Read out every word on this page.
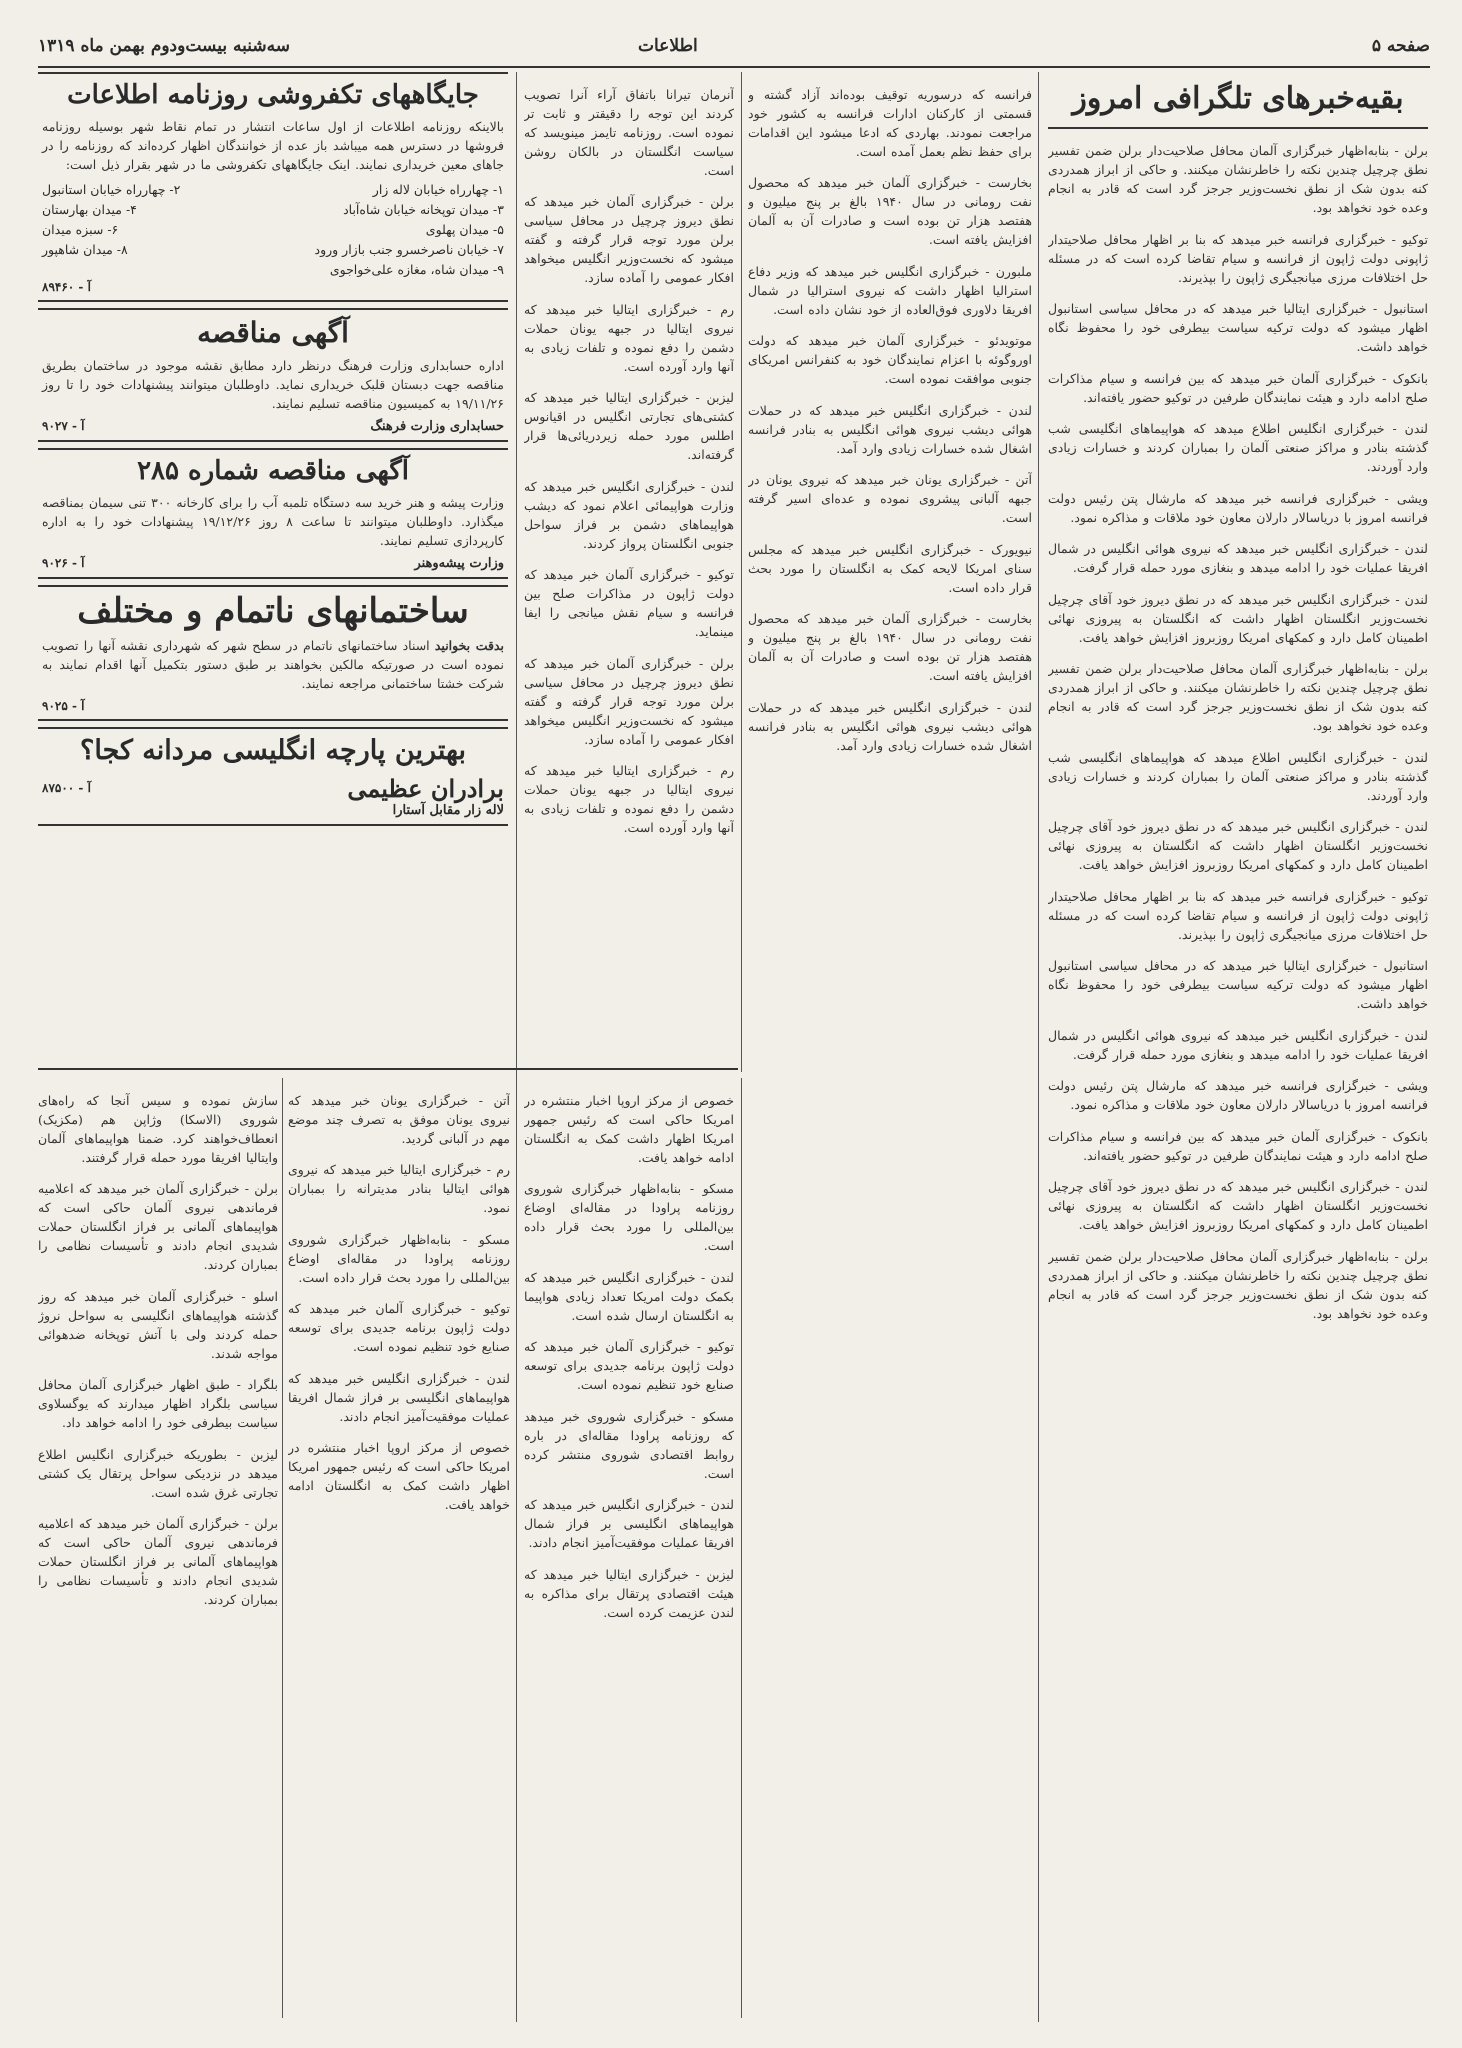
سه‌شنبه بیست‌ودوم بهمن ماه ۱۳۱۹	اطلاعات	صفحه ۵
بقیه‌خبرهای تلگرافی امروز

برلن - بنابه‌اظهار خبرگزاری آلمان محافل صلاحیت‌دار برلن ضمن تفسیر نطق چرچیل چندین نکته را خاطرنشان میکنند. و حاکی از ابراز همدردی کنه بدون شک از نطق نخست‌وزیر جرجز گرد است که قادر به انجام وعده خود نخواهد بود.

توکیو - خبرگزاری فرانسه خبر میدهد که بنا بر اظهار محافل صلاحیتدار ژاپونی دولت ژاپون از فرانسه و سیام تقاضا کرده است که در مسئله حل اختلافات مرزی میانجیگری ژاپون را بپذیرند.

استانبول - خبرگزاری ایتالیا خبر میدهد که در محافل سیاسی استانبول اظهار میشود که دولت ترکیه سیاست بیطرفی خود را محفوظ نگاه خواهد داشت.

بانکوک - خبرگزاری آلمان خبر میدهد که بین فرانسه و سیام مذاکرات صلح ادامه دارد و هیئت نمایندگان طرفین در توکیو حضور یافته‌اند.

لندن - خبرگزاری انگلیس اطلاع میدهد که هواپیماهای انگلیسی شب گذشته بنادر و مراکز صنعتی آلمان را بمباران کردند و خسارات زیادی وارد آوردند.

ویشی - خبرگزاری فرانسه خبر میدهد که مارشال پتن رئیس دولت فرانسه امروز با دریاسالار دارلان معاون خود ملاقات و مذاکره نمود.

لندن - خبرگزاری انگلیس خبر میدهد که نیروی هوائی انگلیس در شمال افریقا عملیات خود را ادامه میدهد و بنغازی مورد حمله قرار گرفت.

لندن - خبرگزاری انگلیس خبر میدهد که در نطق دیروز خود آقای چرچیل نخست‌وزیر انگلستان اظهار داشت که انگلستان به پیروزی نهائی اطمینان کامل دارد و کمکهای امریکا روزبروز افزایش خواهد یافت.

برلن - بنابه‌اظهار خبرگزاری آلمان محافل صلاحیت‌دار برلن ضمن تفسیر نطق چرچیل چندین نکته را خاطرنشان میکنند. و حاکی از ابراز همدردی کنه بدون شک از نطق نخست‌وزیر جرجز گرد است که قادر به انجام وعده خود نخواهد بود.

لندن - خبرگزاری انگلیس اطلاع میدهد که هواپیماهای انگلیسی شب گذشته بنادر و مراکز صنعتی آلمان را بمباران کردند و خسارات زیادی وارد آوردند.

لندن - خبرگزاری انگلیس خبر میدهد که در نطق دیروز خود آقای چرچیل نخست‌وزیر انگلستان اظهار داشت که انگلستان به پیروزی نهائی اطمینان کامل دارد و کمکهای امریکا روزبروز افزایش خواهد یافت.

توکیو - خبرگزاری فرانسه خبر میدهد که بنا بر اظهار محافل صلاحیتدار ژاپونی دولت ژاپون از فرانسه و سیام تقاضا کرده است که در مسئله حل اختلافات مرزی میانجیگری ژاپون را بپذیرند.

استانبول - خبرگزاری ایتالیا خبر میدهد که در محافل سیاسی استانبول اظهار میشود که دولت ترکیه سیاست بیطرفی خود را محفوظ نگاه خواهد داشت.

لندن - خبرگزاری انگلیس خبر میدهد که نیروی هوائی انگلیس در شمال افریقا عملیات خود را ادامه میدهد و بنغازی مورد حمله قرار گرفت.

ویشی - خبرگزاری فرانسه خبر میدهد که مارشال پتن رئیس دولت فرانسه امروز با دریاسالار دارلان معاون خود ملاقات و مذاکره نمود.

بانکوک - خبرگزاری آلمان خبر میدهد که بین فرانسه و سیام مذاکرات صلح ادامه دارد و هیئت نمایندگان طرفین در توکیو حضور یافته‌اند.

لندن - خبرگزاری انگلیس خبر میدهد که در نطق دیروز خود آقای چرچیل نخست‌وزیر انگلستان اظهار داشت که انگلستان به پیروزی نهائی اطمینان کامل دارد و کمکهای امریکا روزبروز افزایش خواهد یافت.

برلن - بنابه‌اظهار خبرگزاری آلمان محافل صلاحیت‌دار برلن ضمن تفسیر نطق چرچیل چندین نکته را خاطرنشان میکنند. و حاکی از ابراز همدردی کنه بدون شک از نطق نخست‌وزیر جرجز گرد است که قادر به انجام وعده خود نخواهد بود.

فرانسه که درسوریه توقیف بوده‌اند آزاد گشته و قسمتی از کارکنان ادارات فرانسه به کشور خود مراجعت نمودند. بهاردی که ادعا میشود این اقدامات برای حفظ نظم بعمل آمده است.

بخارست - خبرگزاری آلمان خبر میدهد که محصول نفت رومانی در سال ۱۹۴۰ بالغ بر پنج میلیون و هفتصد هزار تن بوده است و صادرات آن به آلمان افزایش یافته است.

ملبورن - خبرگزاری انگلیس خبر میدهد که وزیر دفاع استرالیا اظهار داشت که نیروی استرالیا در شمال افریقا دلاوری فوق‌العاده از خود نشان داده است.

موتویدئو - خبرگزاری آلمان خبر میدهد که دولت اوروگوئه با اعزام نمایندگان خود به کنفرانس امریکای جنوبی موافقت نموده است.

لندن - خبرگزاری انگلیس خبر میدهد که در حملات هوائی دیشب نیروی هوائی انگلیس به بنادر فرانسه اشغال شده خسارات زیادی وارد آمد.

آتن - خبرگزاری یونان خبر میدهد که نیروی یونان در جبهه آلبانی پیشروی نموده و عده‌ای اسیر گرفته است.

نیویورک - خبرگزاری انگلیس خبر میدهد که مجلس سنای امریکا لایحه کمک به انگلستان را مورد بحث قرار داده است.

بخارست - خبرگزاری آلمان خبر میدهد که محصول نفت رومانی در سال ۱۹۴۰ بالغ بر پنج میلیون و هفتصد هزار تن بوده است و صادرات آن به آلمان افزایش یافته است.

لندن - خبرگزاری انگلیس خبر میدهد که در حملات هوائی دیشب نیروی هوائی انگلیس به بنادر فرانسه اشغال شده خسارات زیادی وارد آمد.

آنرمان تیرانا باتفاق آراء آنرا تصویب کردند این توجه را دقیقتر و ثابت تر نموده است. روزنامه تایمز مینویسد که سیاست انگلستان در بالکان روشن است.

برلن - خبرگزاری آلمان خبر میدهد که نطق دیروز چرچیل در محافل سیاسی برلن مورد توجه قرار گرفته و گفته میشود که نخست‌وزیر انگلیس میخواهد افکار عمومی را آماده سازد.

رم - خبرگزاری ایتالیا خبر میدهد که نیروی ایتالیا در جبهه یونان حملات دشمن را دفع نموده و تلفات زیادی به آنها وارد آورده است.

لیزبن - خبرگزاری ایتالیا خبر میدهد که کشتی‌های تجارتی انگلیس در اقیانوس اطلس مورد حمله زیردریائی‌ها قرار گرفته‌اند.

لندن - خبرگزاری انگلیس خبر میدهد که وزارت هواپیمائی اعلام نمود که دیشب هواپیماهای دشمن بر فراز سواحل جنوبی انگلستان پرواز کردند.

توکیو - خبرگزاری آلمان خبر میدهد که دولت ژاپون در مذاکرات صلح بین فرانسه و سیام نقش میانجی را ایفا مینماید.

برلن - خبرگزاری آلمان خبر میدهد که نطق دیروز چرچیل در محافل سیاسی برلن مورد توجه قرار گرفته و گفته میشود که نخست‌وزیر انگلیس میخواهد افکار عمومی را آماده سازد.

رم - خبرگزاری ایتالیا خبر میدهد که نیروی ایتالیا در جبهه یونان حملات دشمن را دفع نموده و تلفات زیادی به آنها وارد آورده است.

جایگاههای تکفروشی روزنامه اطلاعات

بالاینکه روزنامه اطلاعات از اول ساعات انتشار در تمام نقاط شهر بوسیله روزنامه فروشها در دسترس همه میباشد باز عده از خوانندگان اظهار کرده‌اند که روزنامه را در جاهای معین خریداری نمایند. اینک جایگاههای تکفروشی ما در شهر بقرار ذیل است:

۱- چهارراه خیابان لاله زار
۲- چهارراه خیابان استانبول
۳- میدان توپخانه خیابان شاه‌آباد
۴- میدان بهارستان
۵- میدان پهلوی
۶- سبزه میدان
۷- خیابان ناصرخسرو جنب بازار ورود
۸- میدان شاهپور
۹- میدان شاه، مغازه علی‌خواجوی
۸۹۴۶۰ - آ
آگهی مناقصه

اداره حسابداری وزارت فرهنگ درنظر دارد مطابق نقشه موجود در ساختمان بطریق مناقصه جهت دبستان قلبک خریداری نماید. داوطلبان میتوانند پیشنهادات خود را تا روز ۱۹/۱۱/۲۶ به کمیسیون مناقصه تسلیم نمایند.

حسابداری وزارت فرهنگ
۹۰۲۷ - آ
آگهی مناقصه شماره ۲۸۵

وزارت پیشه و هنر خرید سه دستگاه تلمبه آب را برای کارخانه ۳۰۰ تنی سیمان بمناقصه میگذارد. داوطلبان میتوانند تا ساعت ۸ روز ۱۹/۱۲/۲۶ پیشنهادات خود را به اداره کارپردازی تسلیم نمایند.

وزارت پیشه‌وهنر
۹۰۲۶ - آ
ساختمانهای ناتمام و مختلف

بدقت بخوانید اسناد ساختمانهای ناتمام در سطح شهر که شهرداری نقشه آنها را تصویب نموده است در صورتیکه مالکین بخواهند بر طبق دستور بتکمیل آنها اقدام نمایند به شرکت خشتا ساختمانی مراجعه نمایند.

۹۰۲۵ - آ
بهترین پارچه انگلیسی مردانه کجا؟
برادران عظیمی
۸۷۵۰۰ - آ
لاله زار مقابل آستارا

خصوص از مرکز اروپا اخبار منتشره در امریکا حاکی است که رئیس جمهور امریکا اظهار داشت کمک به انگلستان ادامه خواهد یافت.

مسکو - بنابه‌اظهار خبرگزاری شوروی روزنامه پراودا در مقاله‌ای اوضاع بین‌المللی را مورد بحث قرار داده است.

لندن - خبرگزاری انگلیس خبر میدهد که بکمک دولت امریکا تعداد زیادی هواپیما به انگلستان ارسال شده است.

توکیو - خبرگزاری آلمان خبر میدهد که دولت ژاپون برنامه جدیدی برای توسعه صنایع خود تنظیم نموده است.

مسکو - خبرگزاری شوروی خبر میدهد که روزنامه پراودا مقاله‌ای در باره روابط اقتصادی شوروی منتشر کرده است.

لندن - خبرگزاری انگلیس خبر میدهد که هواپیماهای انگلیسی بر فراز شمال افریقا عملیات موفقیت‌آمیز انجام دادند.

لیزبن - خبرگزاری ایتالیا خبر میدهد که هیئت اقتصادی پرتقال برای مذاکره به لندن عزیمت کرده است.

آتن - خبرگزاری یونان خبر میدهد که نیروی یونان موفق به تصرف چند موضع مهم در آلبانی گردید.

رم - خبرگزاری ایتالیا خبر میدهد که نیروی هوائی ایتالیا بنادر مدیترانه را بمباران نمود.

مسکو - بنابه‌اظهار خبرگزاری شوروی روزنامه پراودا در مقاله‌ای اوضاع بین‌المللی را مورد بحث قرار داده است.

توکیو - خبرگزاری آلمان خبر میدهد که دولت ژاپون برنامه جدیدی برای توسعه صنایع خود تنظیم نموده است.

لندن - خبرگزاری انگلیس خبر میدهد که هواپیماهای انگلیسی بر فراز شمال افریقا عملیات موفقیت‌آمیز انجام دادند.

خصوص از مرکز اروپا اخبار منتشره در امریکا حاکی است که رئیس جمهور امریکا اظهار داشت کمک به انگلستان ادامه خواهد یافت.

سازش نموده و سیس آنجا که راه‌های شوروی (الاسکا) وژاپن هم (مکزیک) انعطاف‌خواهند کرد. ضمنا هواپیماهای آلمان وایتالیا افریقا مورد حمله قرار گرفتند.

برلن - خبرگزاری آلمان خبر میدهد که اعلامیه فرماندهی نیروی آلمان حاکی است که هواپیماهای آلمانی بر فراز انگلستان حملات شدیدی انجام دادند و تأسیسات نظامی را بمباران کردند.

اسلو - خبرگزاری آلمان خبر میدهد که روز گذشته هواپیماهای انگلیسی به سواحل نروژ حمله کردند ولی با آتش توپخانه ضدهوائی مواجه شدند.

بلگراد - طبق اظهار خبرگزاری آلمان محافل سیاسی بلگراد اظهار میدارند که یوگسلاوی سیاست بیطرفی خود را ادامه خواهد داد.

لیزبن - بطوریکه خبرگزاری انگلیس اطلاع میدهد در نزدیکی سواحل پرتقال یک کشتی تجارتی غرق شده است.

برلن - خبرگزاری آلمان خبر میدهد که اعلامیه فرماندهی نیروی آلمان حاکی است که هواپیماهای آلمانی بر فراز انگلستان حملات شدیدی انجام دادند و تأسیسات نظامی را بمباران کردند.
